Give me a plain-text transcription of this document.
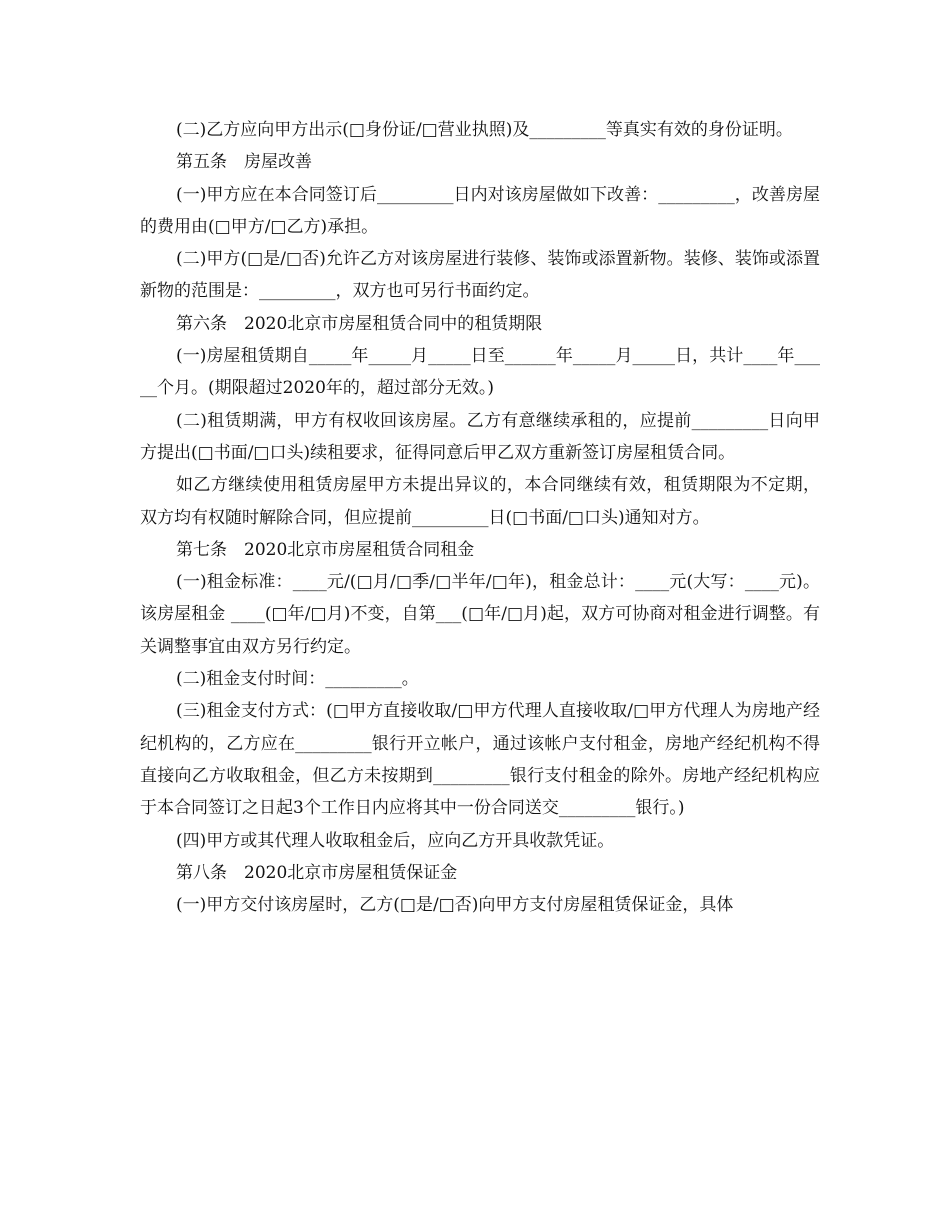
(二)乙方应向甲方出示(□身份证/□营业执照)及_________等真实有效的身份证明。

第五条　房屋改善

(一)甲方应在本合同签订后_________日内对该房屋做如下改善：_________，改善房屋的费用由(□甲方/□乙方)承担。

(二)甲方(□是/□否)允许乙方对该房屋进行装修、装饰或添置新物。装修、装饰或添置新物的范围是：_________，双方也可另行书面约定。

第六条　2020北京市房屋租赁合同中的租赁期限

(一)房屋租赁期自_____年_____月_____日至______年_____月_____日，共计____年_____个月。(期限超过2020年的，超过部分无效。)

(二)租赁期满，甲方有权收回该房屋。乙方有意继续承租的，应提前_________日向甲方提出(□书面/□口头)续租要求，征得同意后甲乙双方重新签订房屋租赁合同。

如乙方继续使用租赁房屋甲方未提出异议的，本合同继续有效，租赁期限为不定期，双方均有权随时解除合同，但应提前_________日(□书面/□口头)通知对方。

第七条　2020北京市房屋租赁合同租金

(一)租金标准：____元/(□月/□季/□半年/□年)，租金总计：____元(大写：____元)。该房屋租金 ____(□年/□月)不变，自第___(□年/□月)起，双方可协商对租金进行调整。有关调整事宜由双方另行约定。

(二)租金支付时间：_________。

(三)租金支付方式：(□甲方直接收取/□甲方代理人直接收取/□甲方代理人为房地产经纪机构的，乙方应在_________银行开立帐户，通过该帐户支付租金，房地产经纪机构不得直接向乙方收取租金，但乙方未按期到_________银行支付租金的除外。房地产经纪机构应于本合同签订之日起3个工作日内应将其中一份合同送交_________银行。)

(四)甲方或其代理人收取租金后，应向乙方开具收款凭证。

第八条　2020北京市房屋租赁保证金

(一)甲方交付该房屋时，乙方(□是/□否)向甲方支付房屋租赁保证金，具体
